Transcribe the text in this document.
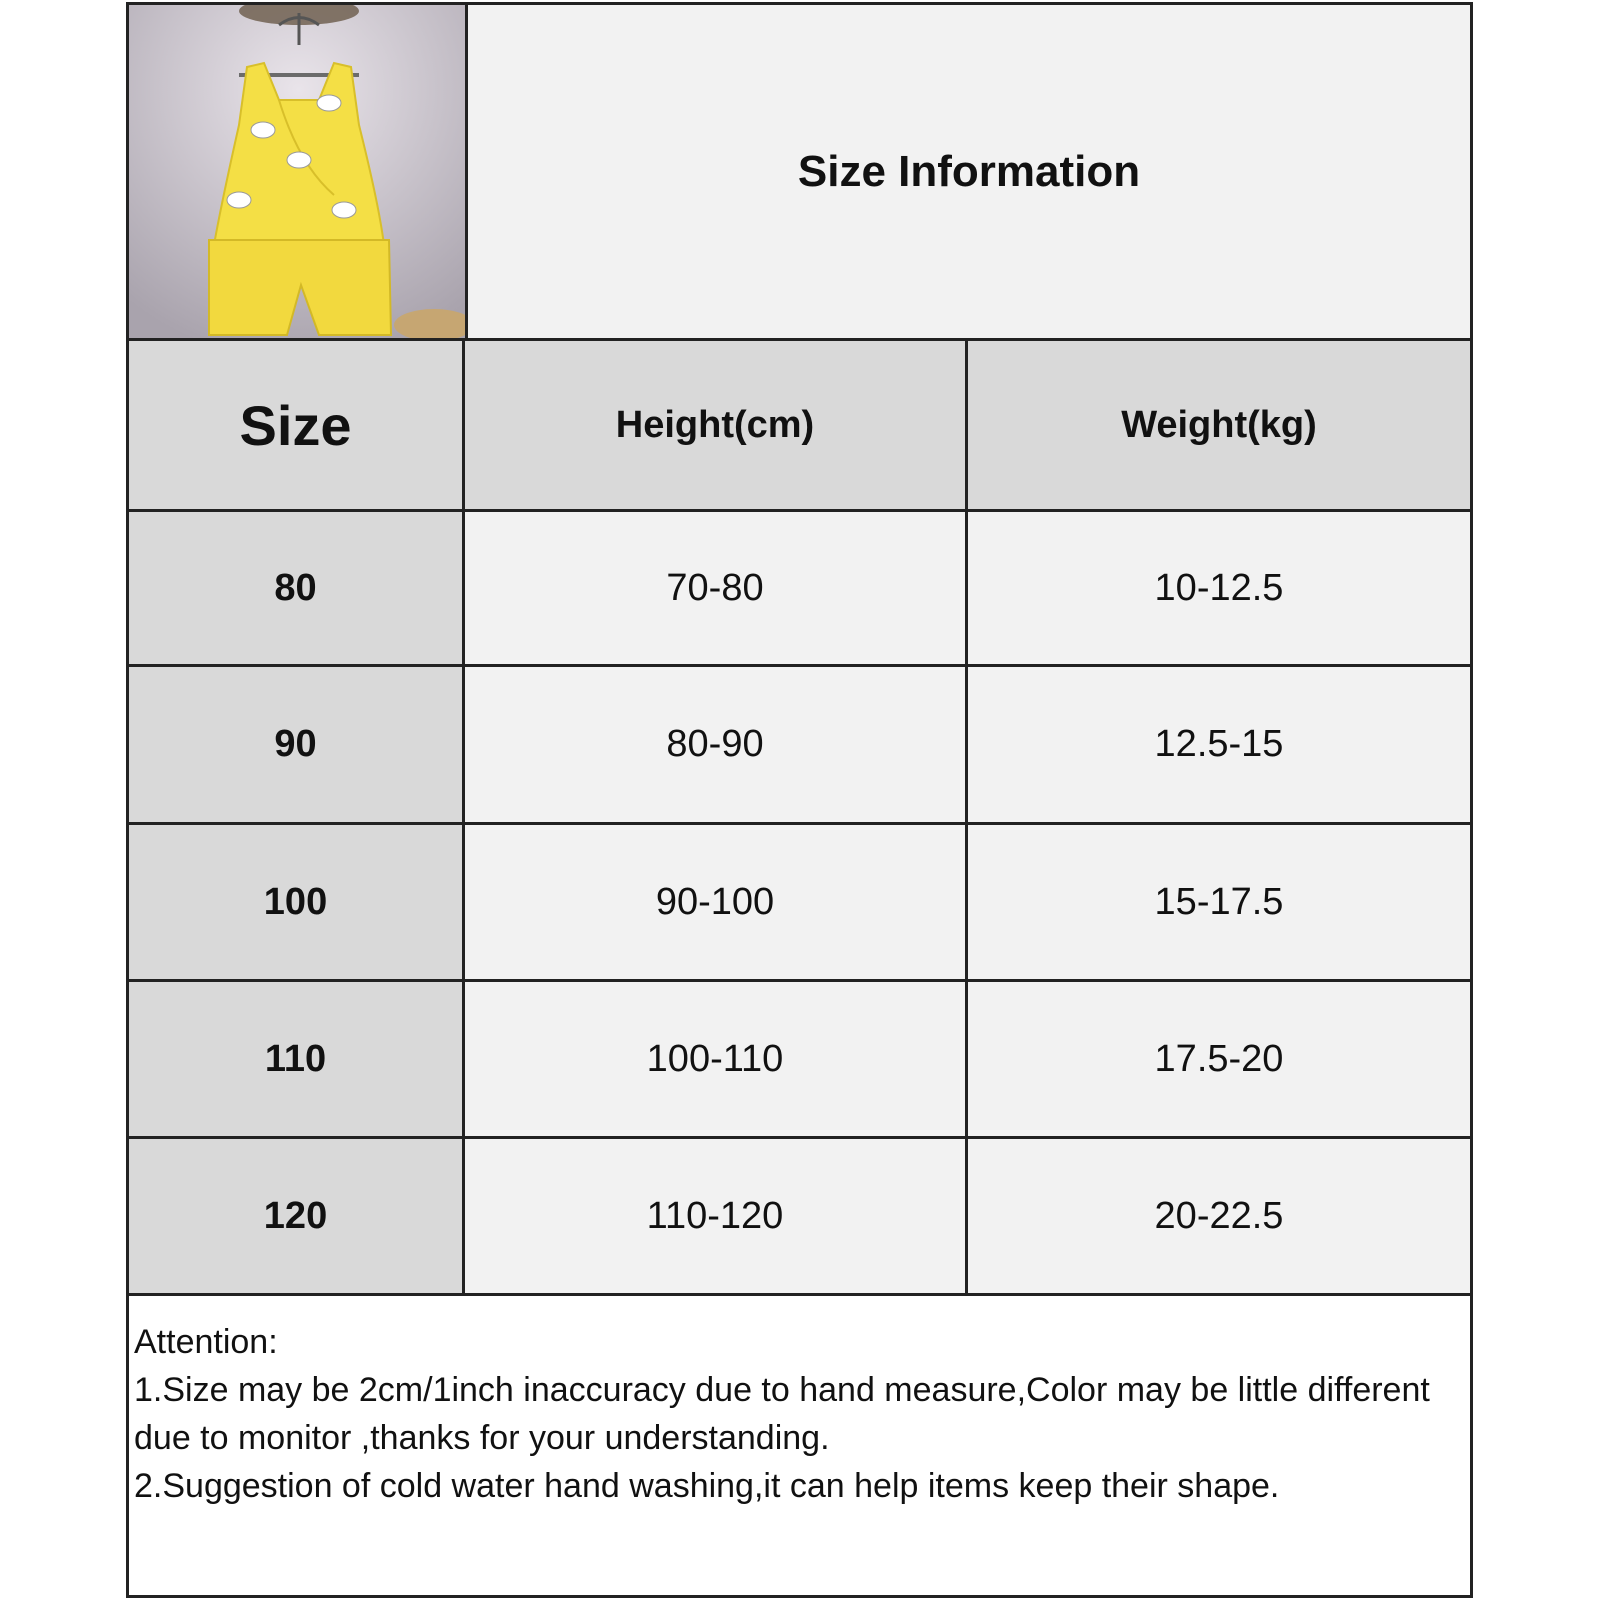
Size Information
Size	Height(cm)	Weight(kg)
80	70-80	10-12.5
90	80-90	12.5-15
100	90-100	15-17.5
110	100-110	17.5-20
120	110-120	20-22.5
Attention:
1.Size may be 2cm/1inch inaccuracy due to hand measure,Color may be little different due to monitor ,thanks for your understanding.
2.Suggestion of cold water hand washing,it can help items keep their shape.
